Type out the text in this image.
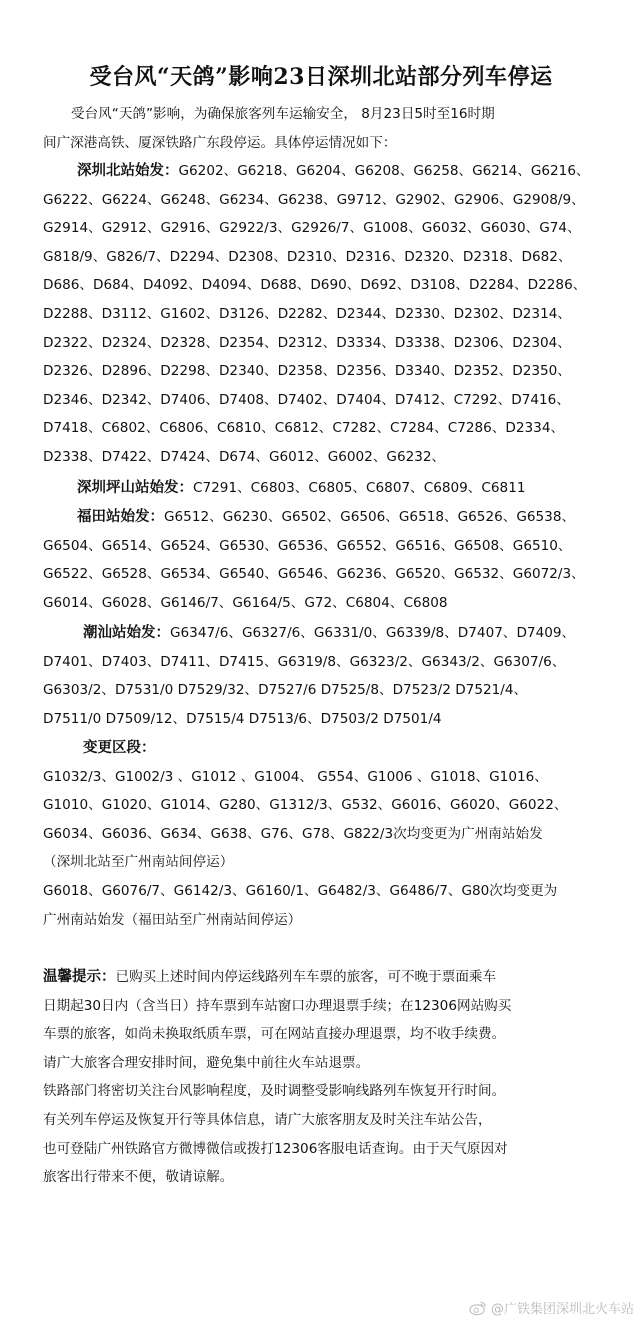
受台风“天鸽”影响23日深圳北站部分列车停运
受台风“天鸽”影响，为确保旅客列车运输安全， 8月23日5时至16时期
间广深港高铁、厦深铁路广东段停运。具体停运情况如下：
深圳北站始发：G6202、G6218、G6204、G6208、G6258、G6214、G6216、
G6222、G6224、G6248、G6234、G6238、G9712、G2902、G2906、G2908/9、
G2914、G2912、G2916、G2922/3、G2926/7、G1008、G6032、G6030、G74、
G818/9、G826/7、D2294、D2308、D2310、D2316、D2320、D2318、D682、
D686、D684、D4092、D4094、D688、D690、D692、D3108、D2284、D2286、
D2288、D3112、G1602、D3126、D2282、D2344、D2330、D2302、D2314、
D2322、D2324、D2328、D2354、D2312、D3334、D3338、D2306、D2304、
D2326、D2896、D2298、D2340、D2358、D2356、D3340、D2352、D2350、
D2346、D2342、D7406、D7408、D7402、D7404、D7412、C7292、D7416、
D7418、C6802、C6806、C6810、C6812、C7282、C7284、C7286、D2334、
D2338、D7422、D7424、D674、G6012、G6002、G6232、
深圳坪山站始发：C7291、C6803、C6805、C6807、C6809、C6811
福田站始发：G6512、G6230、G6502、G6506、G6518、G6526、G6538、
G6504、G6514、G6524、G6530、G6536、G6552、G6516、G6508、G6510、
G6522、G6528、G6534、G6540、G6546、G6236、G6520、G6532、G6072/3、
G6014、G6028、G6146/7、G6164/5、G72、C6804、C6808
潮汕站始发：G6347/6、G6327/6、G6331/0、G6339/8、D7407、D7409、
D7401、D7403、D7411、D7415、G6319/8、G6323/2、G6343/2、G6307/6、
G6303/2、D7531/0 D7529/32、D7527/6 D7525/8、D7523/2 D7521/4、
D7511/0 D7509/12、D7515/4 D7513/6、D7503/2 D7501/4
变更区段：
G1032/3、G1002/3 、G1012 、G1004、 G554、G1006 、G1018、G1016、
G1010、G1020、G1014、G280、G1312/3、G532、G6016、G6020、G6022、
G6034、G6036、G634、G638、G76、G78、G822/3次均变更为广州南站始发
（深圳北站至广州南站间停运）
G6018、G6076/7、G6142/3、G6160/1、G6482/3、G6486/7、G80次均变更为
广州南站始发（福田站至广州南站间停运）
温馨提示：已购买上述时间内停运线路列车车票的旅客，可不晚于票面乘车
日期起30日内（含当日）持车票到车站窗口办理退票手续；在12306网站购买
车票的旅客，如尚未换取纸质车票，可在网站直接办理退票，均不收手续费。
请广大旅客合理安排时间，避免集中前往火车站退票。
铁路部门将密切关注台风影响程度，及时调整受影响线路列车恢复开行时间。
有关列车停运及恢复开行等具体信息，请广大旅客朋友及时关注车站公告，
也可登陆广州铁路官方微博微信或拨打12306客服电话查询。由于天气原因对
旅客出行带来不便，敬请谅解。
@广铁集团深圳北火车站
